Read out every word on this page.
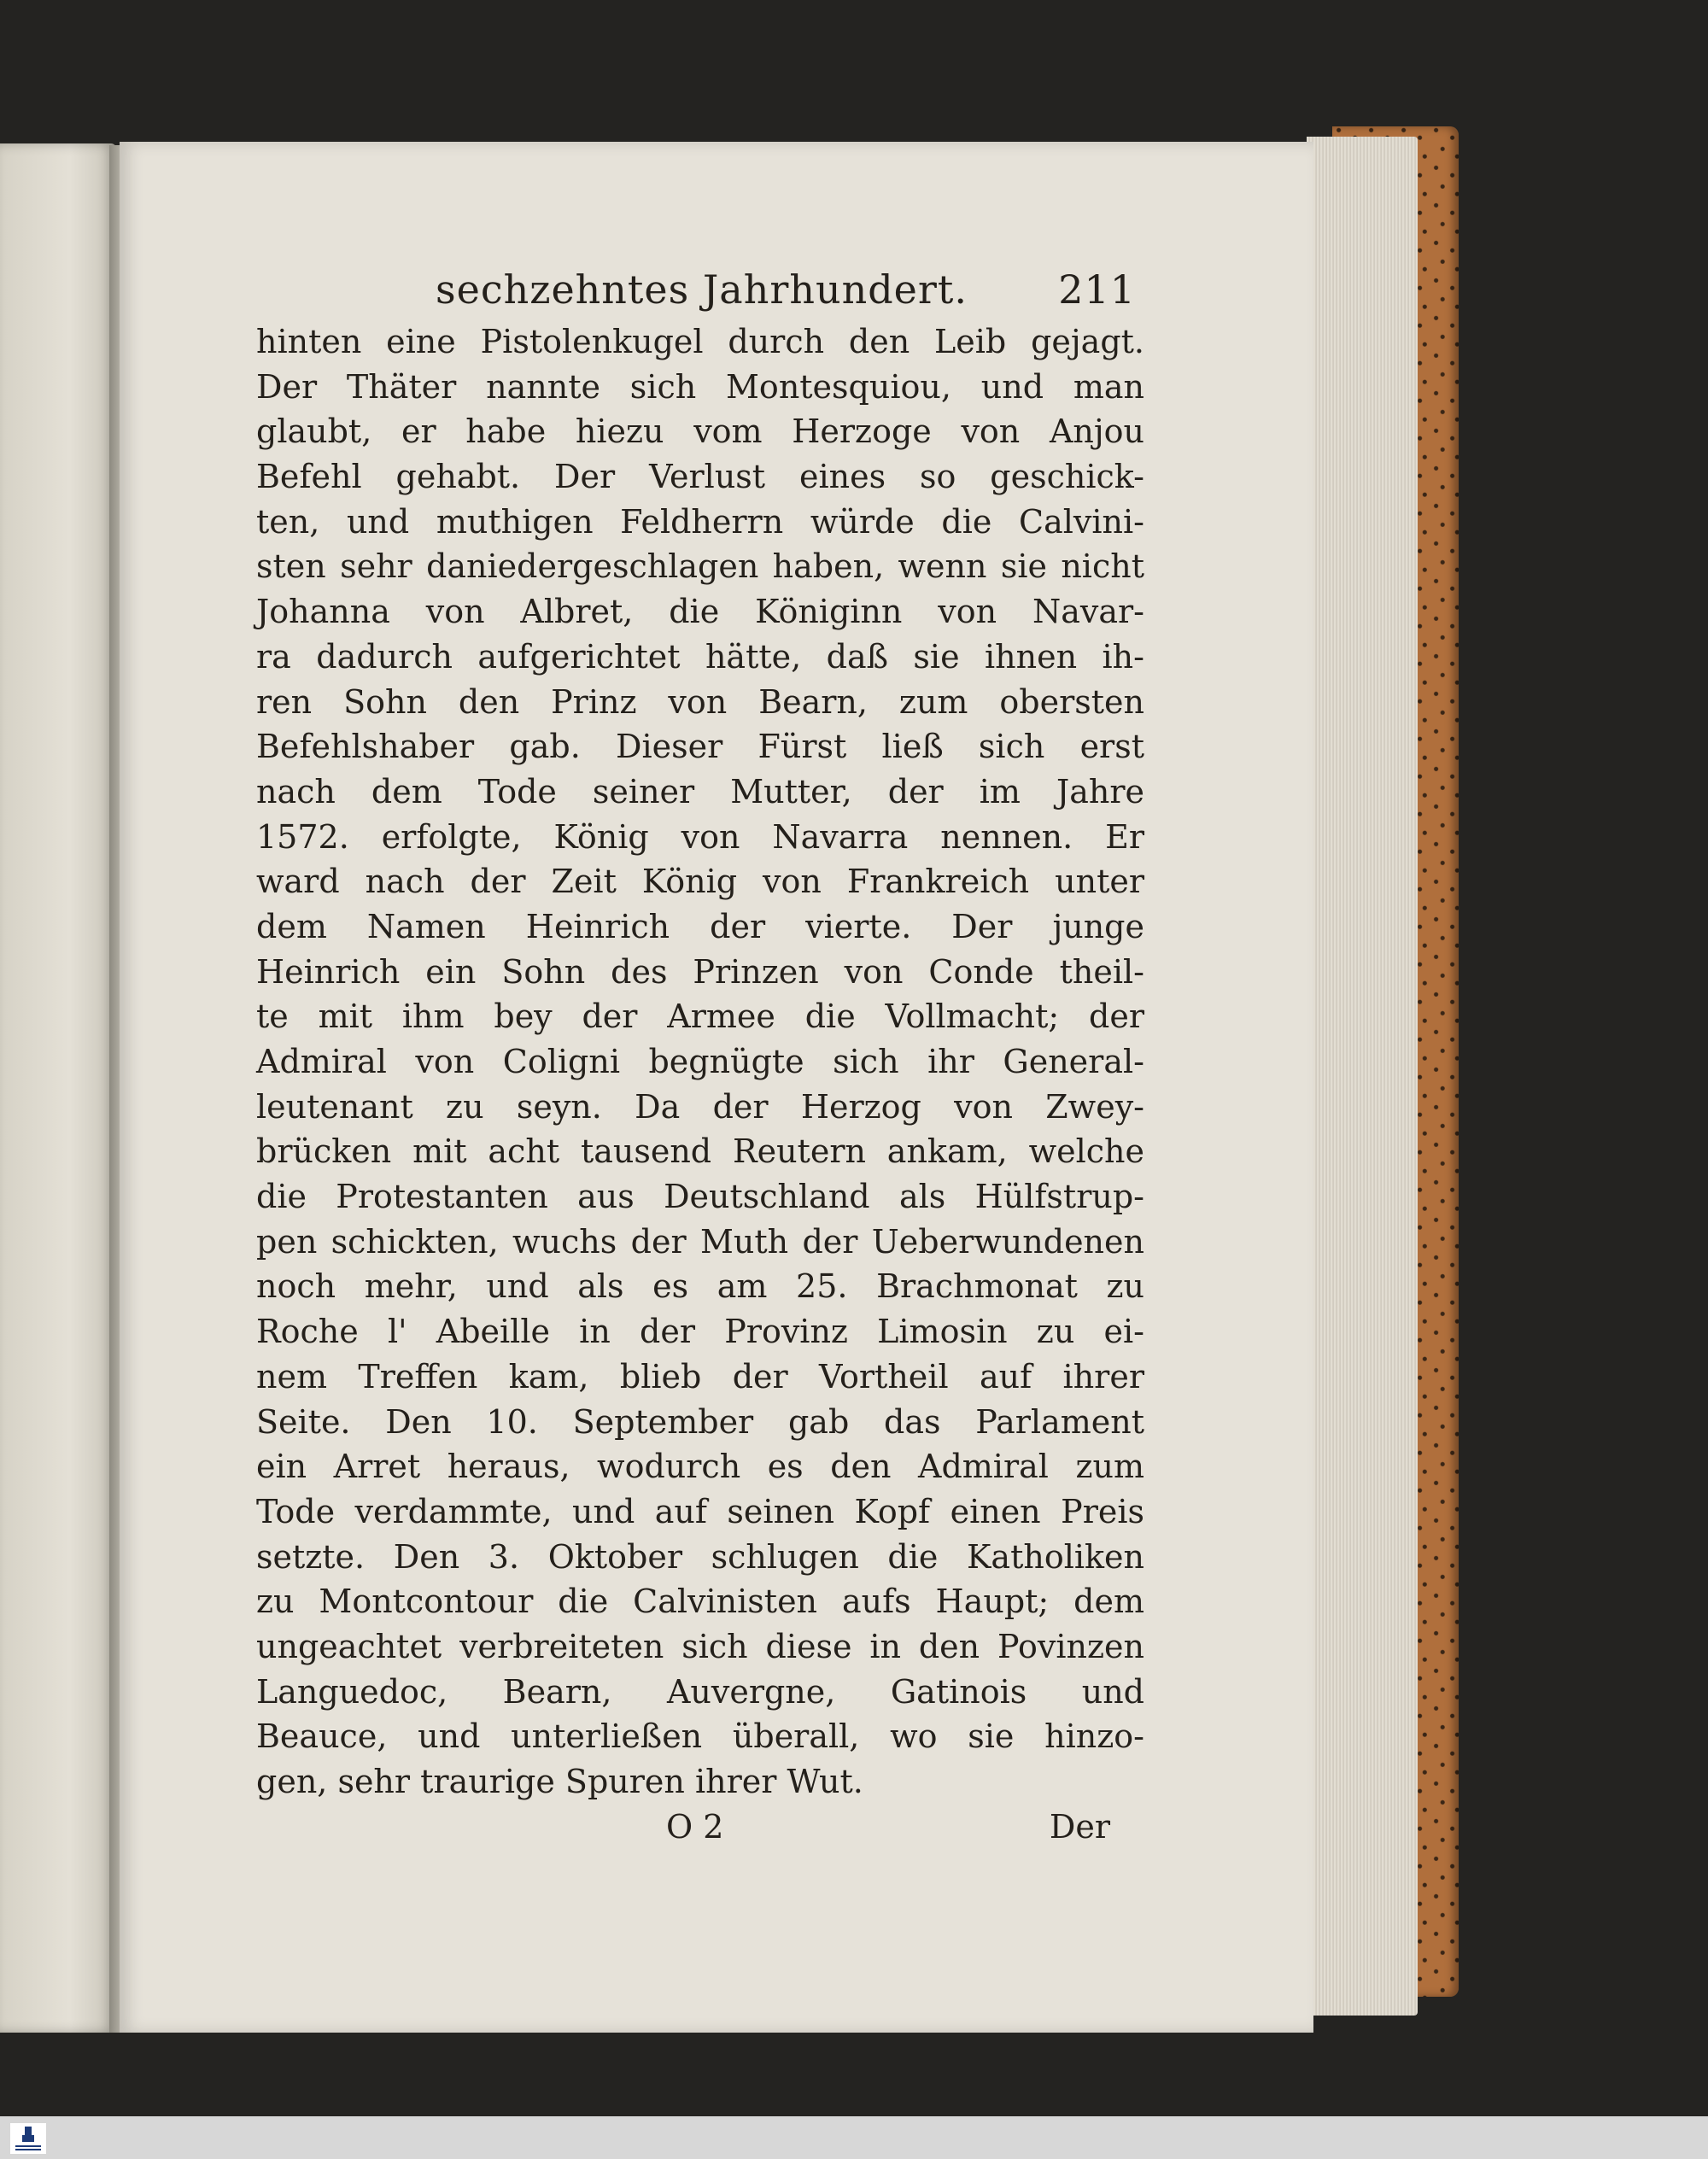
sechzehntes Jahrhundert. 211
hinten eine Pistolenkugel durch den Leib gejagt.
Der Thäter nannte sich Montesquiou, und man
glaubt, er habe hiezu vom Herzoge von Anjou
Befehl gehabt. Der Verlust eines so geschick-
ten, und muthigen Feldherrn würde die Calvini-
sten sehr daniedergeschlagen haben, wenn sie nicht
Johanna von Albret, die Königinn von Navar-
ra dadurch aufgerichtet hätte, daß sie ihnen ih-
ren Sohn den Prinz von Bearn, zum obersten
Befehlshaber gab. Dieser Fürst ließ sich erst
nach dem Tode seiner Mutter, der im Jahre
1572. erfolgte, König von Navarra nennen. Er
ward nach der Zeit König von Frankreich unter
dem Namen Heinrich der vierte. Der junge
Heinrich ein Sohn des Prinzen von Conde theil-
te mit ihm bey der Armee die Vollmacht; der
Admiral von Coligni begnügte sich ihr General-
leutenant zu seyn. Da der Herzog von Zwey-
brücken mit acht tausend Reutern ankam, welche
die Protestanten aus Deutschland als Hülfstrup-
pen schickten, wuchs der Muth der Ueberwundenen
noch mehr, und als es am 25. Brachmonat zu
Roche l' Abeille in der Provinz Limosin zu ei-
nem Treffen kam, blieb der Vortheil auf ihrer
Seite. Den 10. September gab das Parlament
ein Arret heraus, wodurch es den Admiral zum
Tode verdammte, und auf seinen Kopf einen Preis
setzte. Den 3. Oktober schlugen die Katholiken
zu Montcontour die Calvinisten aufs Haupt; dem
ungeachtet verbreiteten sich diese in den Povinzen
Languedoc, Bearn, Auvergne, Gatinois und
Beauce, und unterließen überall, wo sie hinzo-
gen, sehr traurige Spuren ihrer Wut.
O 2	Der
